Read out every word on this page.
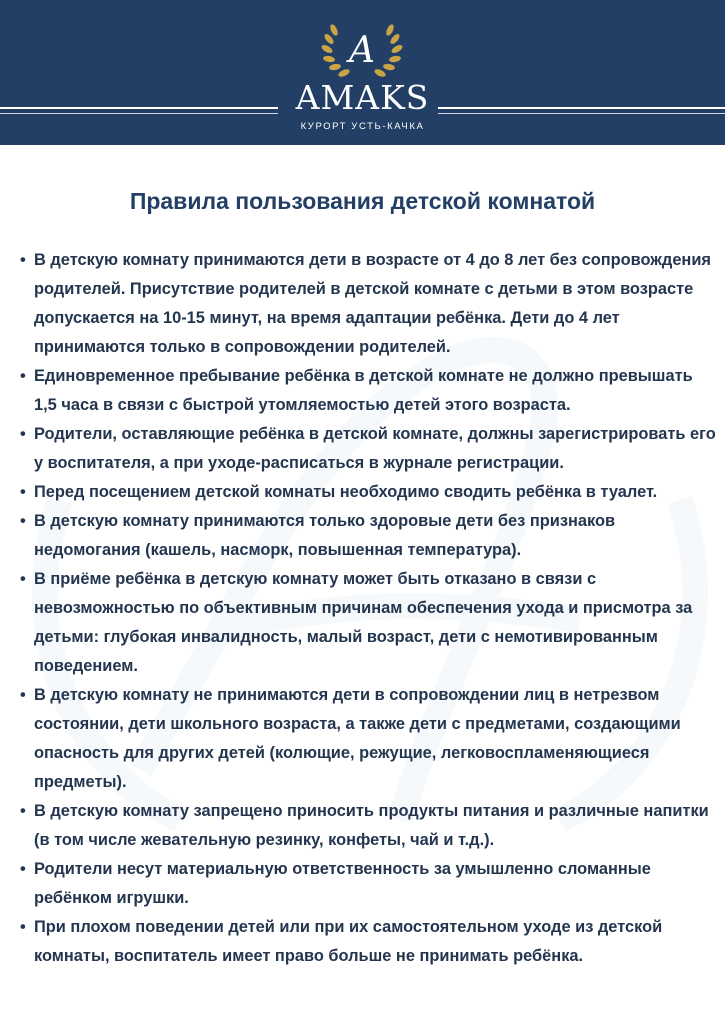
A
AMAKS
КУРОРТ УСТЬ-КАЧКА
Правила пользования детской комнатой
• В детскую комнату принимаются дети в возрасте от 4 до 8 лет без сопровождения родителей. Присутствие родителей в детской комнате с детьми в этом возрасте допускается на 10-15 минут, на время адаптации ребёнка. Дети до 4 лет принимаются только в сопровождении родителей.
• Единовременное пребывание ребёнка в детской комнате не должно превышать 1,5 часа в связи с быстрой утомляемостью детей этого возраста.
• Родители, оставляющие ребёнка в детской комнате, должны зарегистрировать его у воспитателя, а при уходе-расписаться в журнале регистрации.
• Перед посещением детской комнаты необходимо сводить ребёнка в туалет.
• В детскую комнату принимаются только здоровые дети без признаков недомогания (кашель, насморк, повышенная температура).
• В приёме ребёнка в детскую комнату может быть отказано в связи с невозможностью по объективным причинам обеспечения ухода и присмотра за детьми: глубокая инвалидность, малый возраст, дети с немотивированным поведением.
• В детскую комнату не принимаются дети в сопровождении лиц в нетрезвом состоянии, дети школьного возраста, а также дети с предметами, создающими опасность для других детей (колющие, режущие, легковоспламеняющиеся предметы).
• В детскую комнату запрещено приносить продукты питания и различные напитки (в том числе жевательную резинку, конфеты, чай и т.д.).
• Родители несут материальную ответственность за умышленно сломанные ребёнком игрушки.
• При плохом поведении детей или при их самостоятельном уходе из детской комнаты, воспитатель имеет право больше не принимать ребёнка.
